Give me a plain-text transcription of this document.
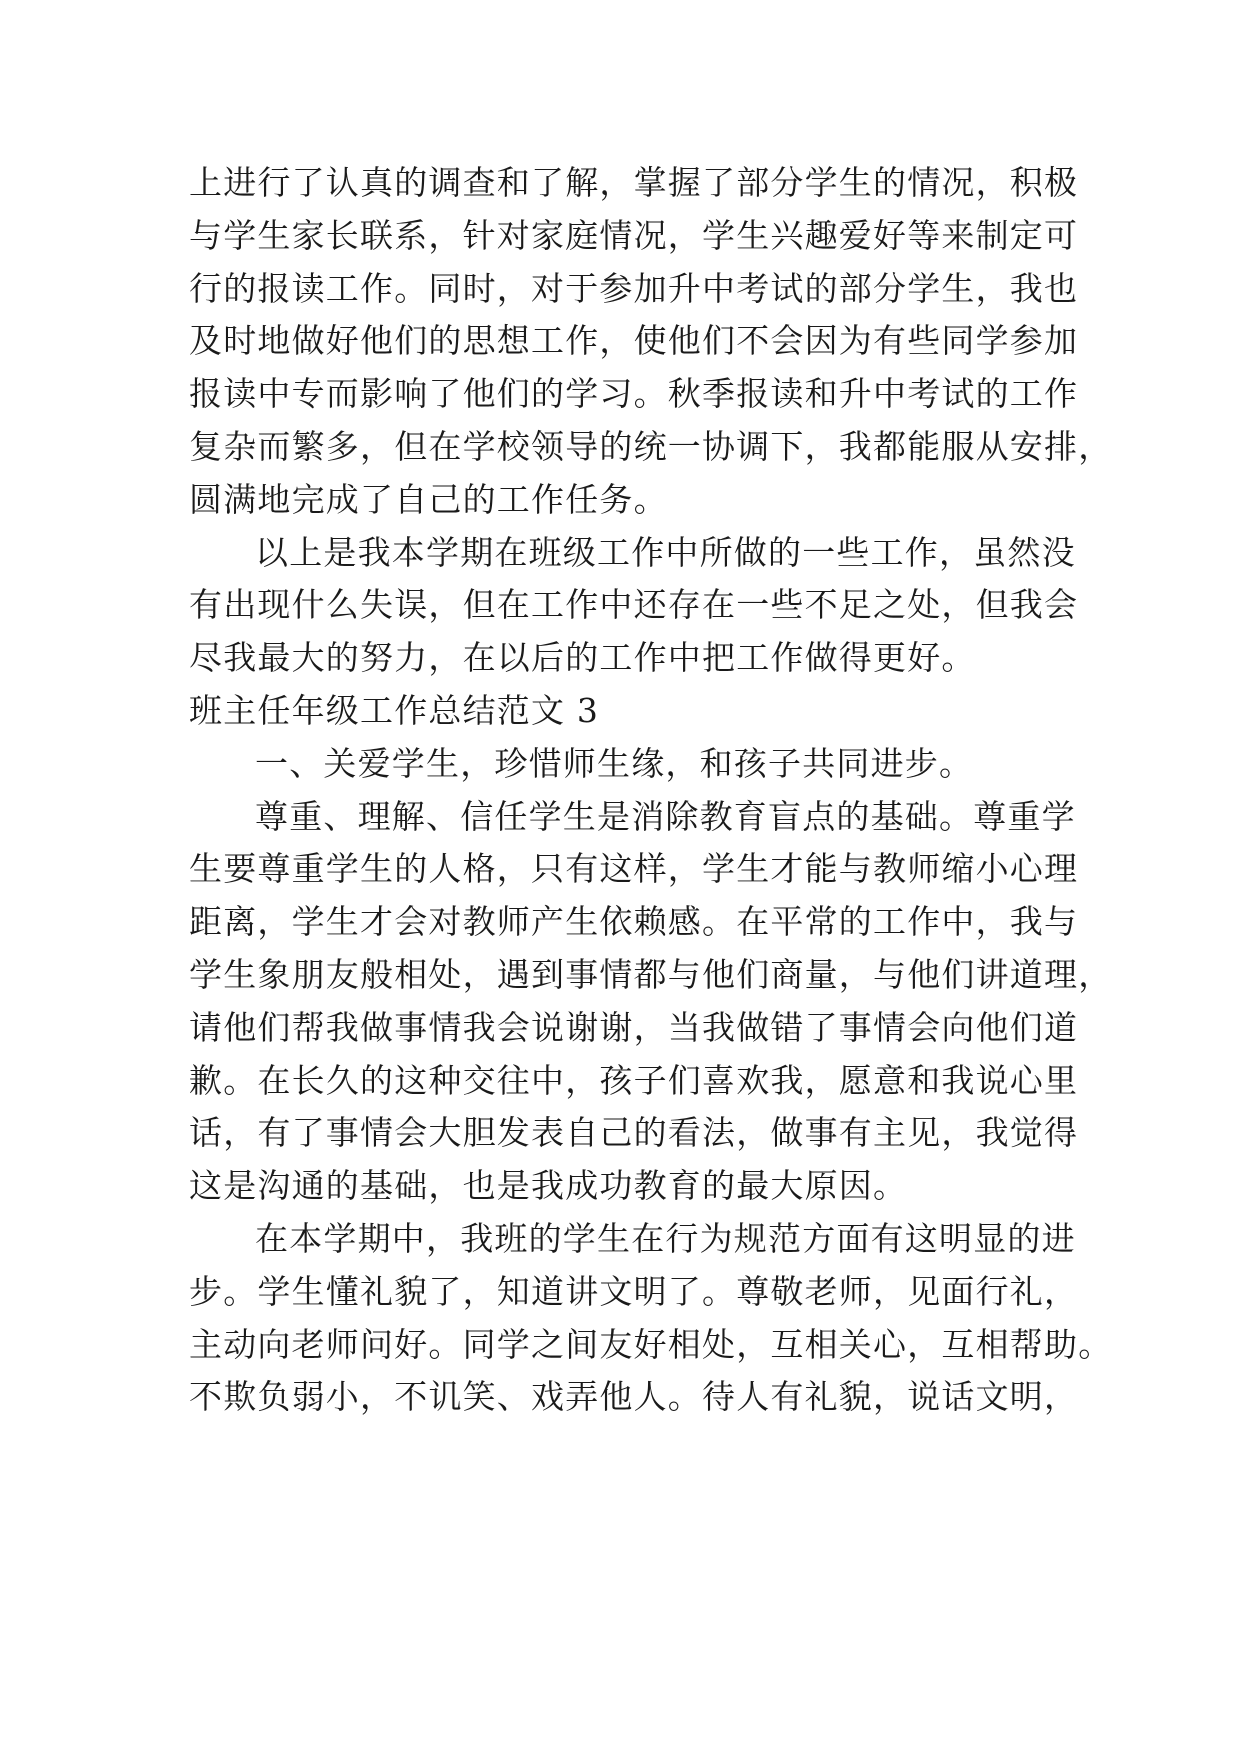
上进行了认真的调查和了解，掌握了部分学生的情况，积极
与学生家长联系，针对家庭情况，学生兴趣爱好等来制定可
行的报读工作。同时，对于参加升中考试的部分学生，我也
及时地做好他们的思想工作，使他们不会因为有些同学参加
报读中专而影响了他们的学习。秋季报读和升中考试的工作
复杂而繁多，但在学校领导的统一协调下，我都能服从安排，
圆满地完成了自己的工作任务。
以上是我本学期在班级工作中所做的一些工作，虽然没
有出现什么失误，但在工作中还存在一些不足之处，但我会
尽我最大的努力，在以后的工作中把工作做得更好。
班主任年级工作总结范文 3
一、关爱学生，珍惜师生缘，和孩子共同进步。
尊重、理解、信任学生是消除教育盲点的基础。尊重学
生要尊重学生的人格，只有这样，学生才能与教师缩小心理
距离，学生才会对教师产生依赖感。在平常的工作中，我与
学生象朋友般相处，遇到事情都与他们商量，与他们讲道理，
请他们帮我做事情我会说谢谢，当我做错了事情会向他们道
歉。在长久的这种交往中，孩子们喜欢我，愿意和我说心里
话，有了事情会大胆发表自己的看法，做事有主见，我觉得
这是沟通的基础，也是我成功教育的最大原因。
在本学期中，我班的学生在行为规范方面有这明显的进
步。学生懂礼貌了，知道讲文明了。尊敬老师，见面行礼，
主动向老师问好。同学之间友好相处，互相关心，互相帮助。
不欺负弱小，不讥笑、戏弄他人。待人有礼貌，说话文明，
